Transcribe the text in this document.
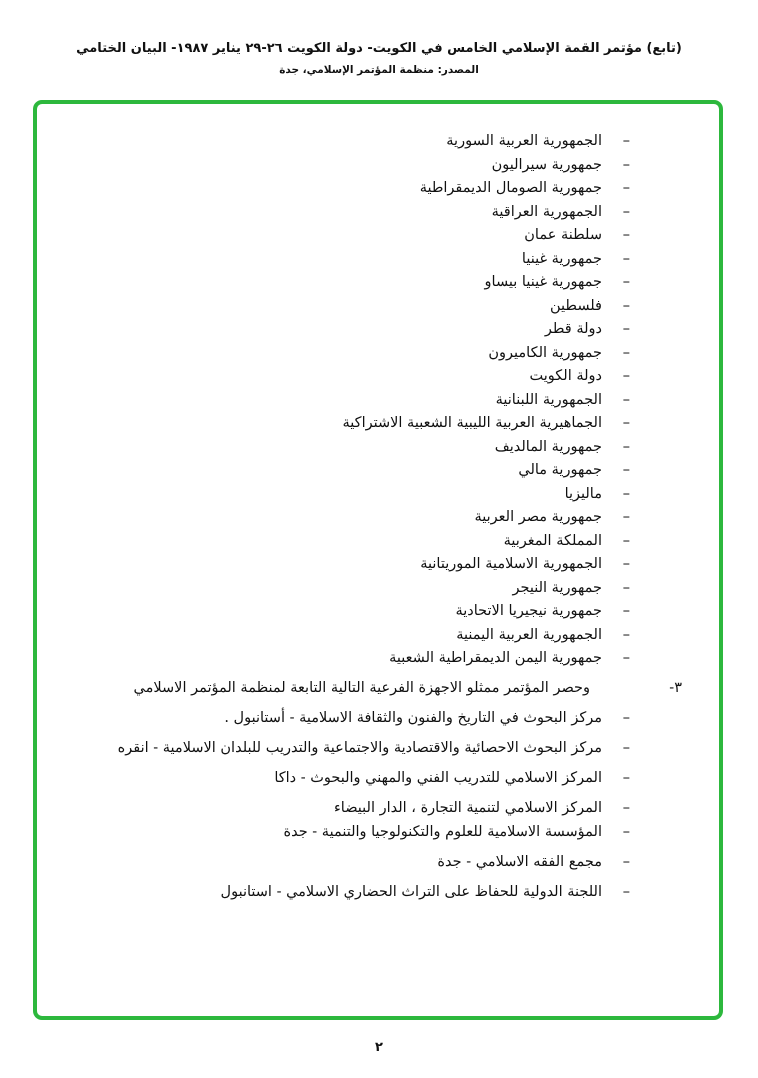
(تابع) مؤتمر القمة الإسلامي الخامس في الكويت- دولة الكويت ٢٦-٢٩ يناير ١٩٨٧- البيان الختامي
المصدر: منظمة المؤتمر الإسلامي، جدة
–
الجمهورية العربية السورية
–
جمهورية سيراليون
–
جمهورية الصومال الديمقراطية
–
الجمهورية العراقية
–
سلطنة عمان
–
جمهورية غينيا
–
جمهورية غينيا بيساو
–
فلسطين
–
دولة قطر
–
جمهورية الكاميرون
–
دولة الكويت
–
الجمهورية اللبنانية
–
الجماهيرية العربية الليبية الشعبية الاشتراكية
–
جمهورية المالديف
–
جمهورية مالي
–
ماليزيا
–
جمهورية مصر العربية
–
المملكة المغربية
–
الجمهورية الاسلامية الموريتانية
–
جمهورية النيجر
–
جمهورية نيجيريا الاتحادية
–
الجمهورية العربية اليمنية
–
جمهورية اليمن الديمقراطية الشعبية
٣-
وحصر المؤتمر ممثلو الاجهزة الفرعية التالية التابعة لمنظمة المؤتمر الاسلامي
–
مركز البحوث في التاريخ والفنون والثقافة الاسلامية - أستانبول .
–
مركز البحوث الاحصائية والاقتصادية والاجتماعية والتدريب للبلدان الاسلامية - انقره
–
المركز الاسلامي للتدريب الفني والمهني والبحوث - داكا
–
المركز الاسلامي لتنمية التجارة ، الدار البيضاء
–
المؤسسة الاسلامية للعلوم والتكنولوجيا والتنمية - جدة
–
مجمع الفقه الاسلامي - جدة
–
اللجنة الدولية للحفاظ على التراث الحضاري الاسلامي - استانبول
٢
